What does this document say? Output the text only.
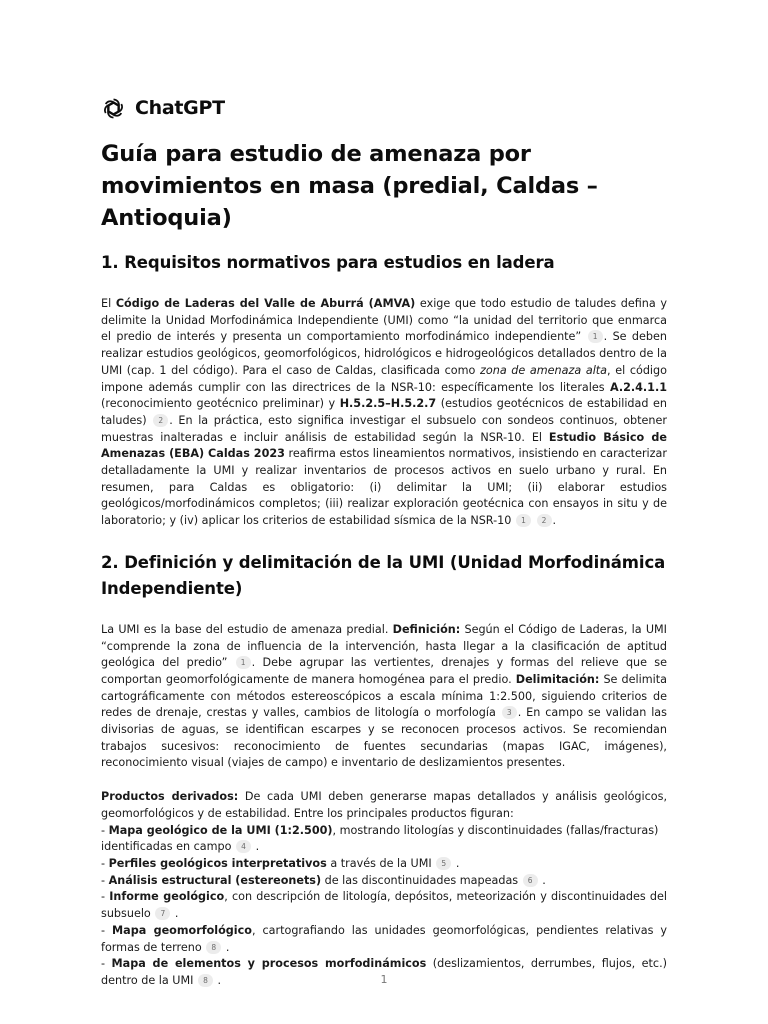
ChatGPT
Guía para estudio de amenaza por movimientos en masa (predial, Caldas – Antioquia)
1. Requisitos normativos para estudios en ladera

El Código de Laderas del Valle de Aburrá (AMVA) exige que todo estudio de taludes defina y delimite la Unidad Morfodinámica Independiente (UMI) como “la unidad del territorio que enmarca el predio de interés y presenta un comportamiento morfodinámico independiente” 1 . Se deben realizar estudios geológicos, geomorfológicos, hidrológicos e hidrogeológicos detallados dentro de la UMI (cap. 1 del código). Para el caso de Caldas, clasificada como zona de amenaza alta, el código impone además cumplir con las directrices de la NSR-10: específicamente los literales A.2.4.1.1 (reconocimiento geotécnico preliminar) y H.5.2.5–H.5.2.7 (estudios geotécnicos de estabilidad en taludes) 2 . En la práctica, esto significa investigar el subsuelo con sondeos continuos, obtener muestras inalteradas e incluir análisis de estabilidad según la NSR-10. El Estudio Básico de Amenazas (EBA) Caldas 2023 reafirma estos lineamientos normativos, insistiendo en caracterizar detalladamente la UMI y realizar inventarios de procesos activos en suelo urbano y rural. En resumen, para Caldas es obligatorio: (i) delimitar la UMI; (ii) elaborar estudios geológicos/morfodinámicos completos; (iii) realizar exploración geotécnica con ensayos in situ y de laboratorio; y (iv) aplicar los criterios de estabilidad sísmica de la NSR-10 1 2 .

2. Definición y delimitación de la UMI (Unidad Morfodinámica Independiente)

La UMI es la base del estudio de amenaza predial. Definición: Según el Código de Laderas, la UMI “comprende la zona de influencia de la intervención, hasta llegar a la clasificación de aptitud geológica del predio” 1 . Debe agrupar las vertientes, drenajes y formas del relieve que se comportan geomorfológicamente de manera homogénea para el predio. Delimitación: Se delimita cartográficamente con métodos estereoscópicos a escala mínima 1:2.500, siguiendo criterios de redes de drenaje, crestas y valles, cambios de litología o morfología 3 . En campo se validan las divisorias de aguas, se identifican escarpes y se reconocen procesos activos. Se recomiendan trabajos sucesivos: reconocimiento de fuentes secundarias (mapas IGAC, imágenes), reconocimiento visual (viajes de campo) e inventario de deslizamientos presentes.

Productos derivados: De cada UMI deben generarse mapas detallados y análisis geológicos, geomorfológicos y de estabilidad. Entre los principales productos figuran:
- Mapa geológico de la UMI (1:2.500), mostrando litologías y discontinuidades (fallas/fracturas) identificadas en campo 4 .
- Perfiles geológicos interpretativos a través de la UMI 5 .
- Análisis estructural (estereonets) de las discontinuidades mapeadas 6 .
- Informe geológico, con descripción de litología, depósitos, meteorización y discontinuidades del subsuelo 7 .
- Mapa geomorfológico, cartografiando las unidades geomorfológicas, pendientes relativas y formas de terreno 8 .
- Mapa de elementos y procesos morfodinámicos (deslizamientos, derrumbes, flujos, etc.) dentro de la UMI 8 .	1
